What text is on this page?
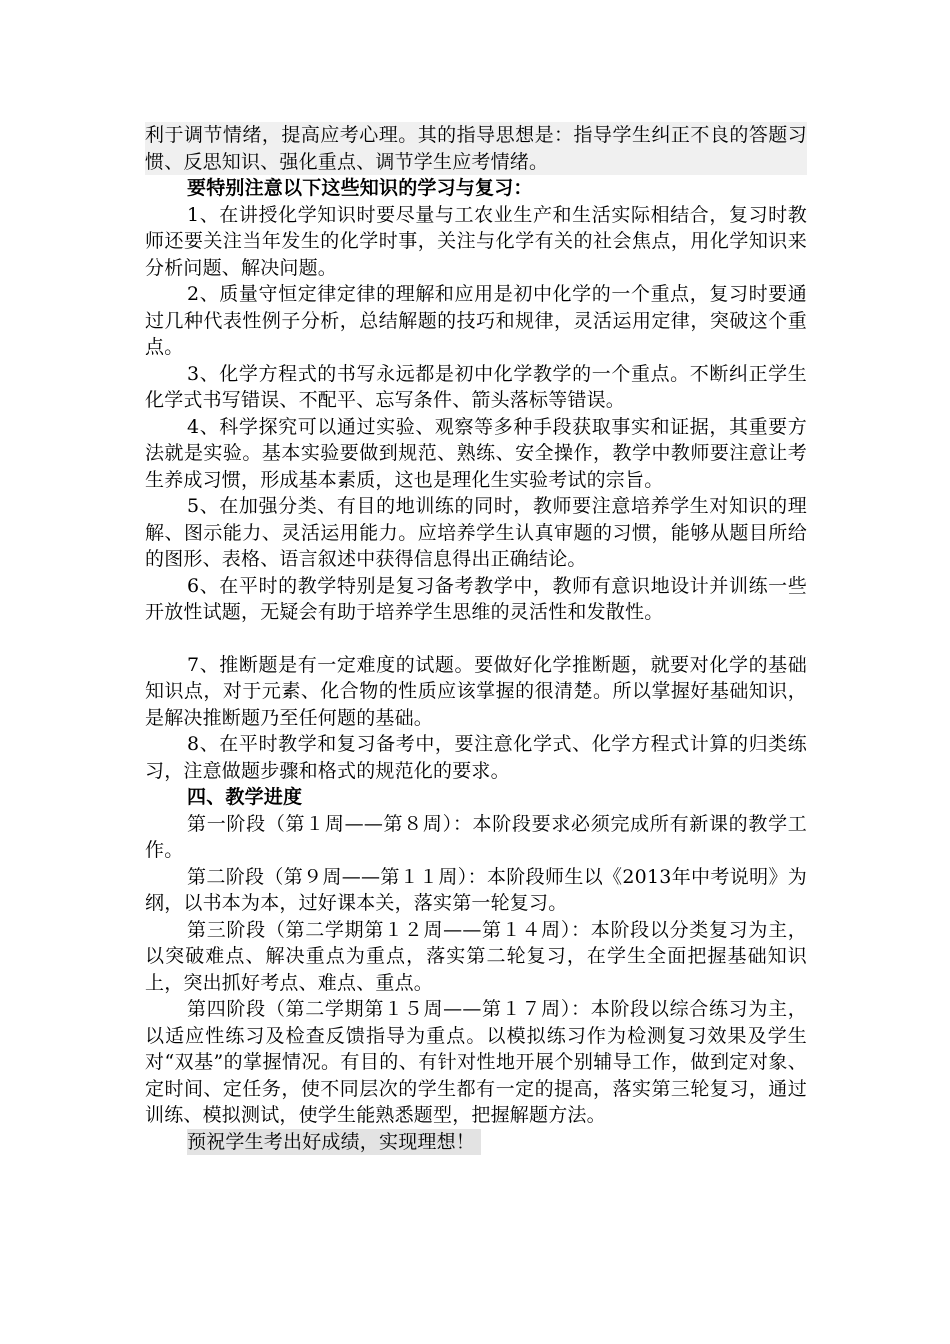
利于调节情绪，提高应考心理。其的指导思想是：指导学生纠正不良的答题习惯、反思知识、强化重点、调节学生应考情绪。

要特别注意以下这些知识的学习与复习：

1、在讲授化学知识时要尽量与工农业生产和生活实际相结合，复习时教师还要关注当年发生的化学时事，关注与化学有关的社会焦点，用化学知识来分析问题、解决问题。

2、质量守恒定律定律的理解和应用是初中化学的一个重点，复习时要通过几种代表性例子分析，总结解题的技巧和规律，灵活运用定律，突破这个重点。

3、化学方程式的书写永远都是初中化学教学的一个重点。不断纠正学生化学式书写错误、不配平、忘写条件、箭头落标等错误。

4、科学探究可以通过实验、观察等多种手段获取事实和证据，其重要方法就是实验。基本实验要做到规范、熟练、安全操作，教学中教师要注意让考生养成习惯，形成基本素质，这也是理化生实验考试的宗旨。

5、在加强分类、有目的地训练的同时，教师要注意培养学生对知识的理解、图示能力、灵活运用能力。应培养学生认真审题的习惯，能够从题目所给的图形、表格、语言叙述中获得信息得出正确结论。

6、在平时的教学特别是复习备考教学中，教师有意识地设计并训练一些开放性试题，无疑会有助于培养学生思维的灵活性和发散性。

7、推断题是有一定难度的试题。要做好化学推断题，就要对化学的基础知识点，对于元素、化合物的性质应该掌握的很清楚。所以掌握好基础知识，是解决推断题乃至任何题的基础。

8、在平时教学和复习备考中，要注意化学式、化学方程式计算的归类练习，注意做题步骤和格式的规范化的要求。

四、教学进度

第一阶段（第１周——第８周）：本阶段要求必须完成所有新课的教学工作。

第二阶段（第９周——第１１周）：本阶段师生以《2013年中考说明》为纲，以书本为本，过好课本关，落实第一轮复习。

第三阶段（第二学期第１２周——第１４周）：本阶段以分类复习为主，以突破难点、解决重点为重点，落实第二轮复习，在学生全面把握基础知识上，突出抓好考点、难点、重点。

第四阶段（第二学期第１５周——第１７周）：本阶段以综合练习为主，以适应性练习及检查反馈指导为重点。以模拟练习作为检测复习效果及学生对“双基”的掌握情况。有目的、有针对性地开展个别辅导工作，做到定对象、定时间、定任务，使不同层次的学生都有一定的提高，落实第三轮复习，通过训练、模拟测试，使学生能熟悉题型，把握解题方法。

预祝学生考出好成绩，实现理想！
